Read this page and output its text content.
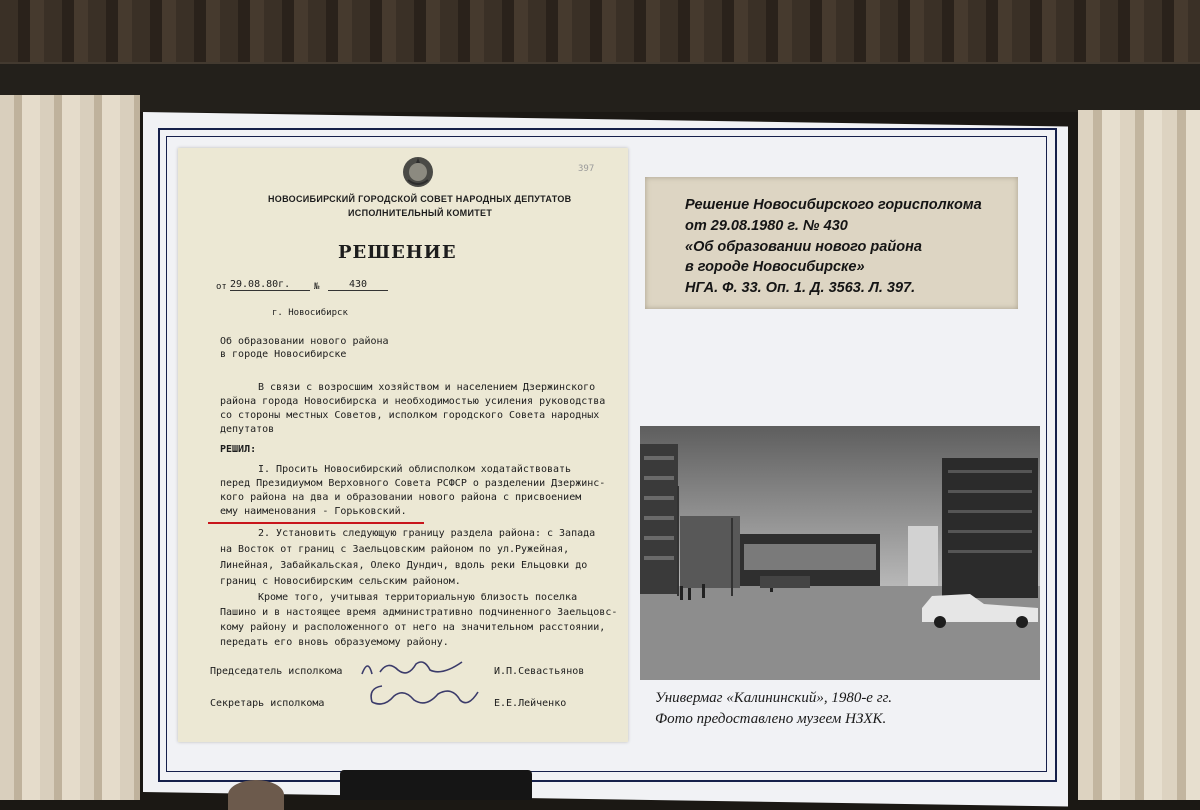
397
НОВОСИБИРСКИЙ ГОРОДСКОЙ СОВЕТ НАРОДНЫХ ДЕПУТАТОВ
ИСПОЛНИТЕЛЬНЫЙ КОМИТЕТ
РЕШЕНИЕ
от 29.08.80г.	№	430
г. Новосибирск
Об образовании нового района
в городе Новосибирске
В связи с возросшим хозяйством и населением Дзержинского
района города Новосибирска и необходимостью усиления руководства
со стороны местных Советов, исполком городского Совета народных
депутатов
РЕШИЛ:
I. Просить Новосибирский облисполком ходатайствовать
перед Президиумом Верховного Совета РСФСР о разделении Дзержинс-
кого района на два и образовании нового района с присвоением
ему наименования - Горьковский.
2. Установить следующую границу раздела района: с Запада
на Восток от границ с Заельцовским районом по ул.Ружейная,
Линейная, Забайкальская, Олеко Дундич, вдоль реки Ельцовки до
границ с Новосибирским сельским районом.
Кроме того, учитывая территориальную близость поселка
Пашино и в настоящее время административно подчиненного Заельцовс-
кому району и расположенного от него на значительном расстоянии,
передать его вновь образуемому району.
Председатель исполкома	И.П.Севастьянов
Секретарь исполкома	Е.Е.Лейченко
Решение Новосибирского горисполкома
от 29.08.1980 г. № 430
«Об образовании нового района
в городе Новосибирске»
НГА. Ф. 33. Оп. 1. Д. 3563. Л. 397.
Универмаг «Калининский», 1980-е гг.
Фото предоставлено музеем НЗХК.
